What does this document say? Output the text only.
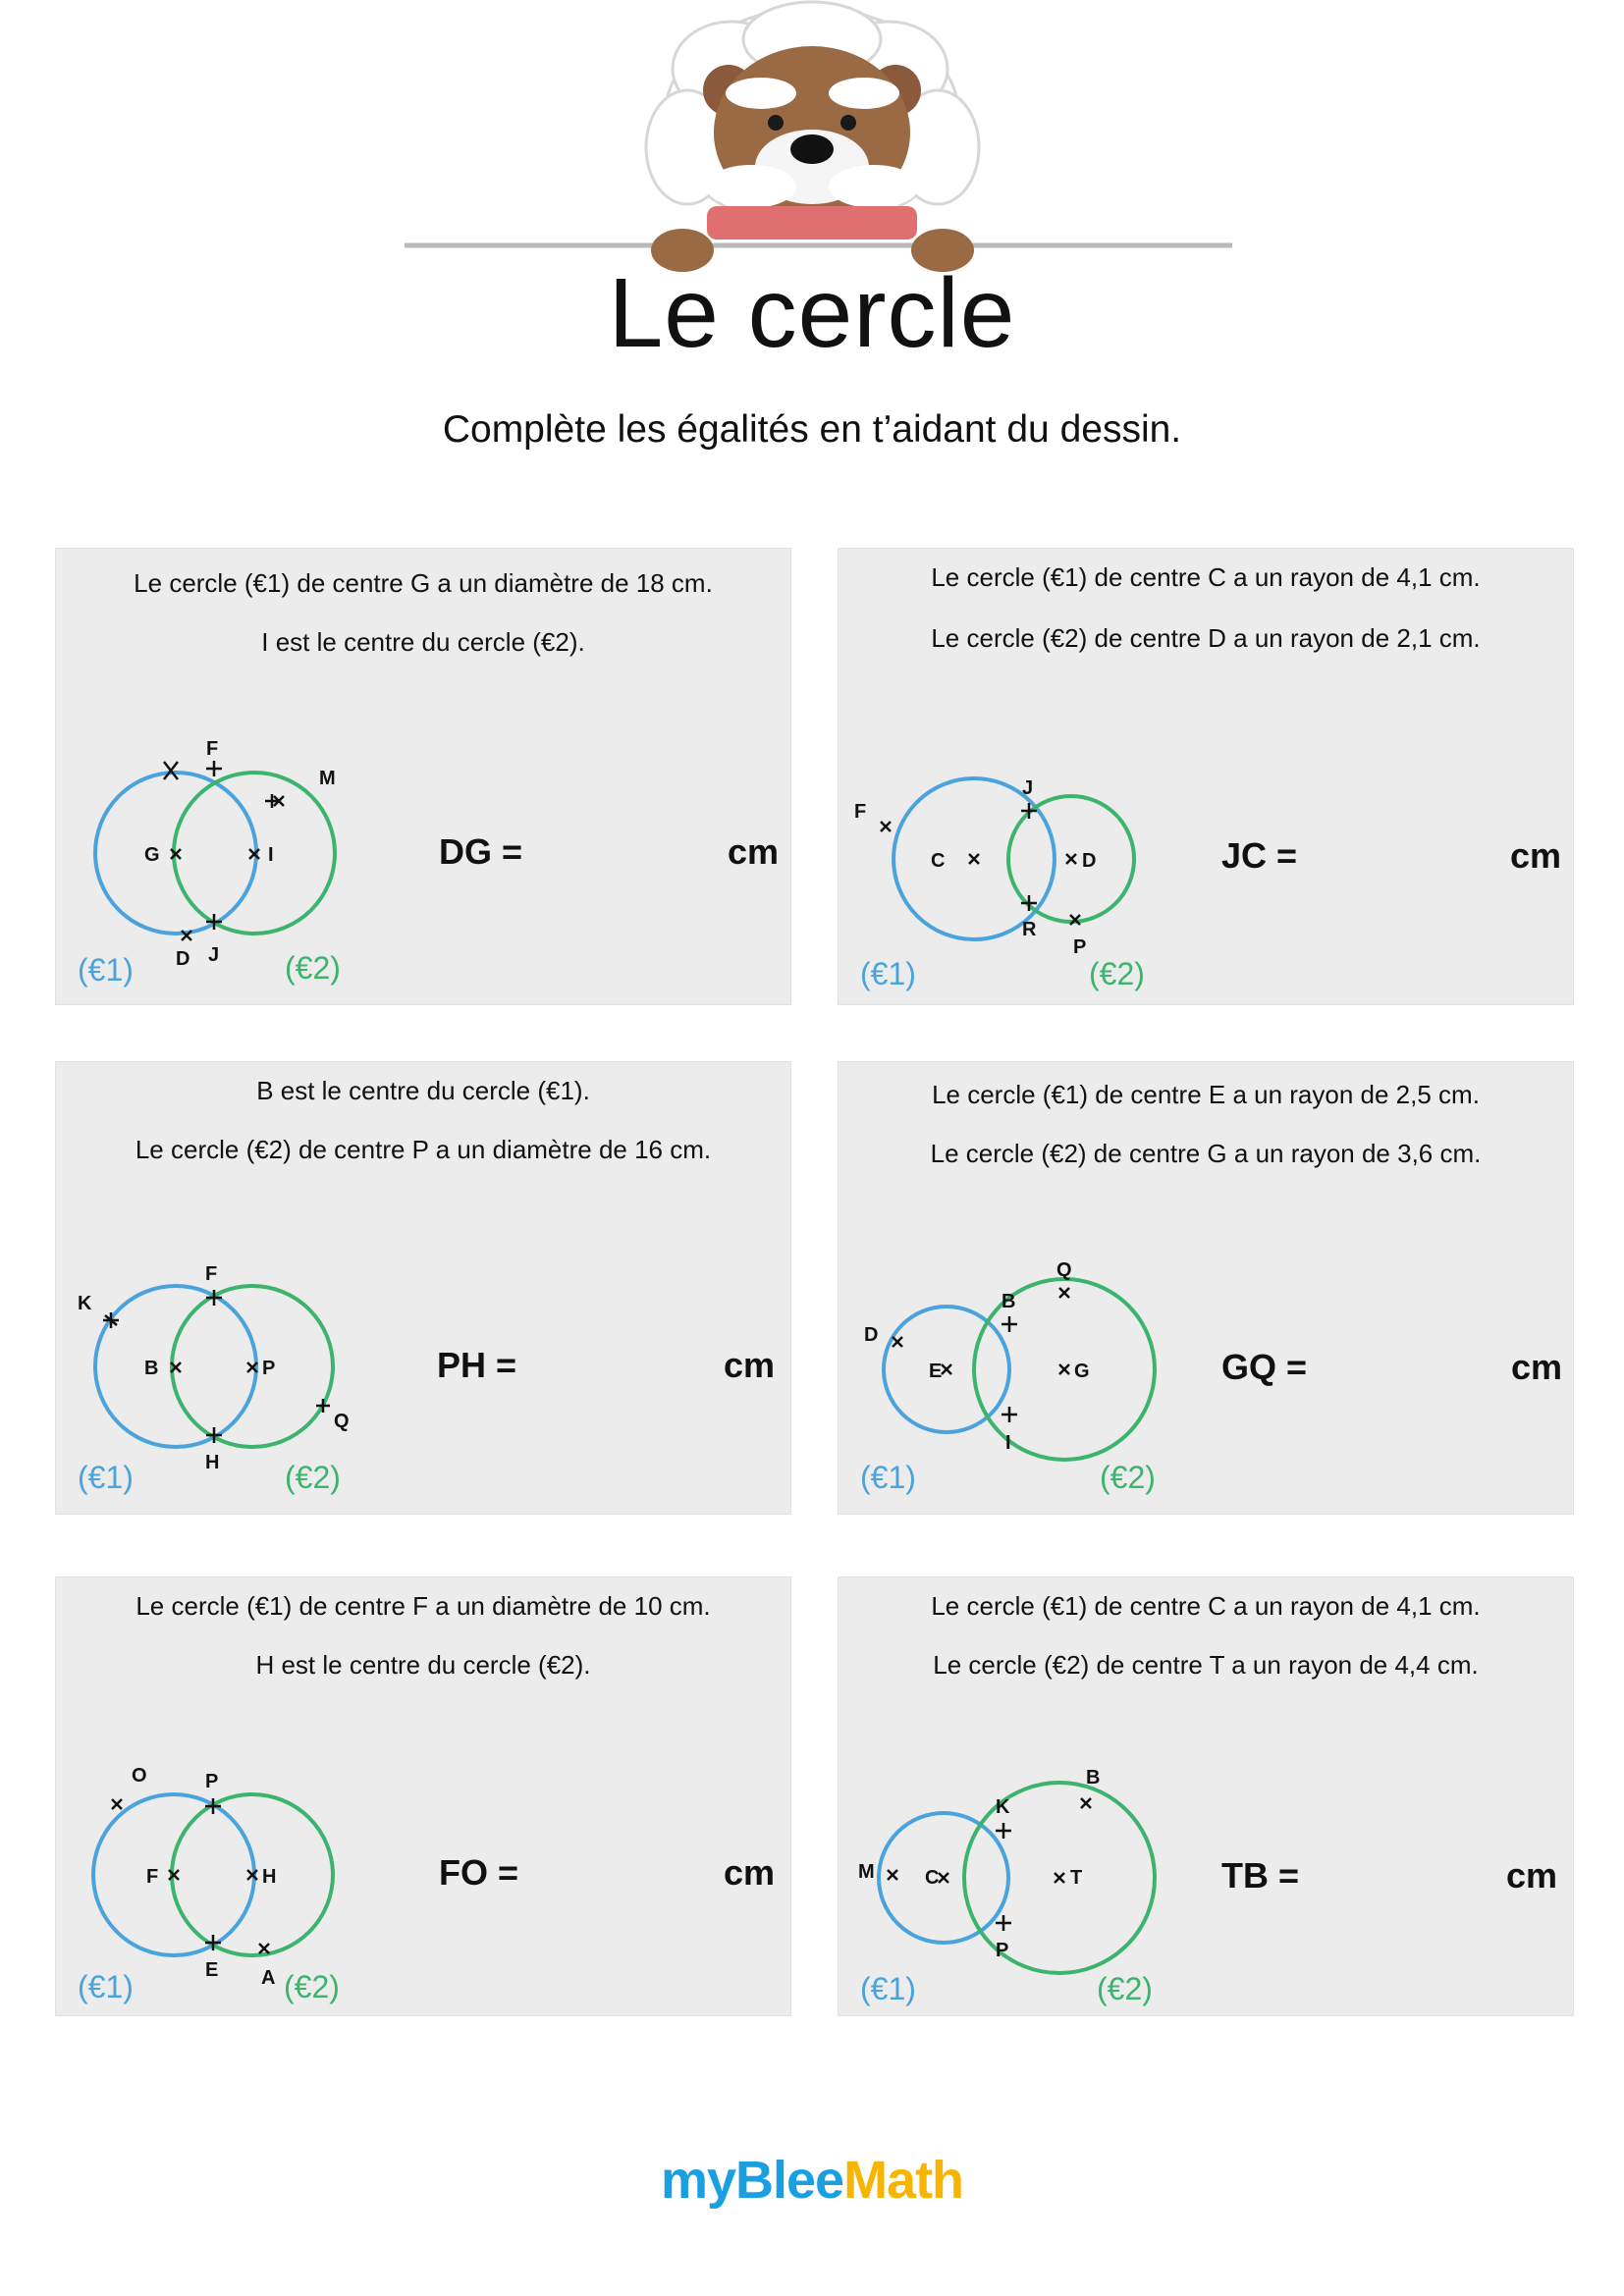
Le cercle

Complète les égalités en t’aidant du dessin.

Le cercle (€1) de centre G a un diamètre de 18 cm.

I est le centre du cercle (€2).

F
M
G	I
D J
(€1)	(€2)
DG =	cm

Le cercle (€1) de centre C a un rayon de 4,1 cm.

Le cercle (€2) de centre D a un rayon de 2,1 cm.

F
J
C	D
R
P
(€1)	(€2)
JC =	cm

B est le centre du cercle (€1).

Le cercle (€2) de centre P a un diamètre de 16 cm.

K
F
B	P
Q
H
(€1)	(€2)
PH =	cm

Le cercle (€1) de centre E a un rayon de 2,5 cm.

Le cercle (€2) de centre G a un rayon de 3,6 cm.

Q
B
D
E	G
I
(€1)	(€2)
GQ =	cm

Le cercle (€1) de centre F a un diamètre de 10 cm.

H est le centre du cercle (€2).

O	P
F	H
E A
(€1)	(€2)
FO =	cm

Le cercle (€1) de centre C a un rayon de 4,1 cm.

Le cercle (€2) de centre T a un rayon de 4,4 cm.

B
K
M	C	T
P
(€1)	(€2)
TB =	cm
myBleeMath
